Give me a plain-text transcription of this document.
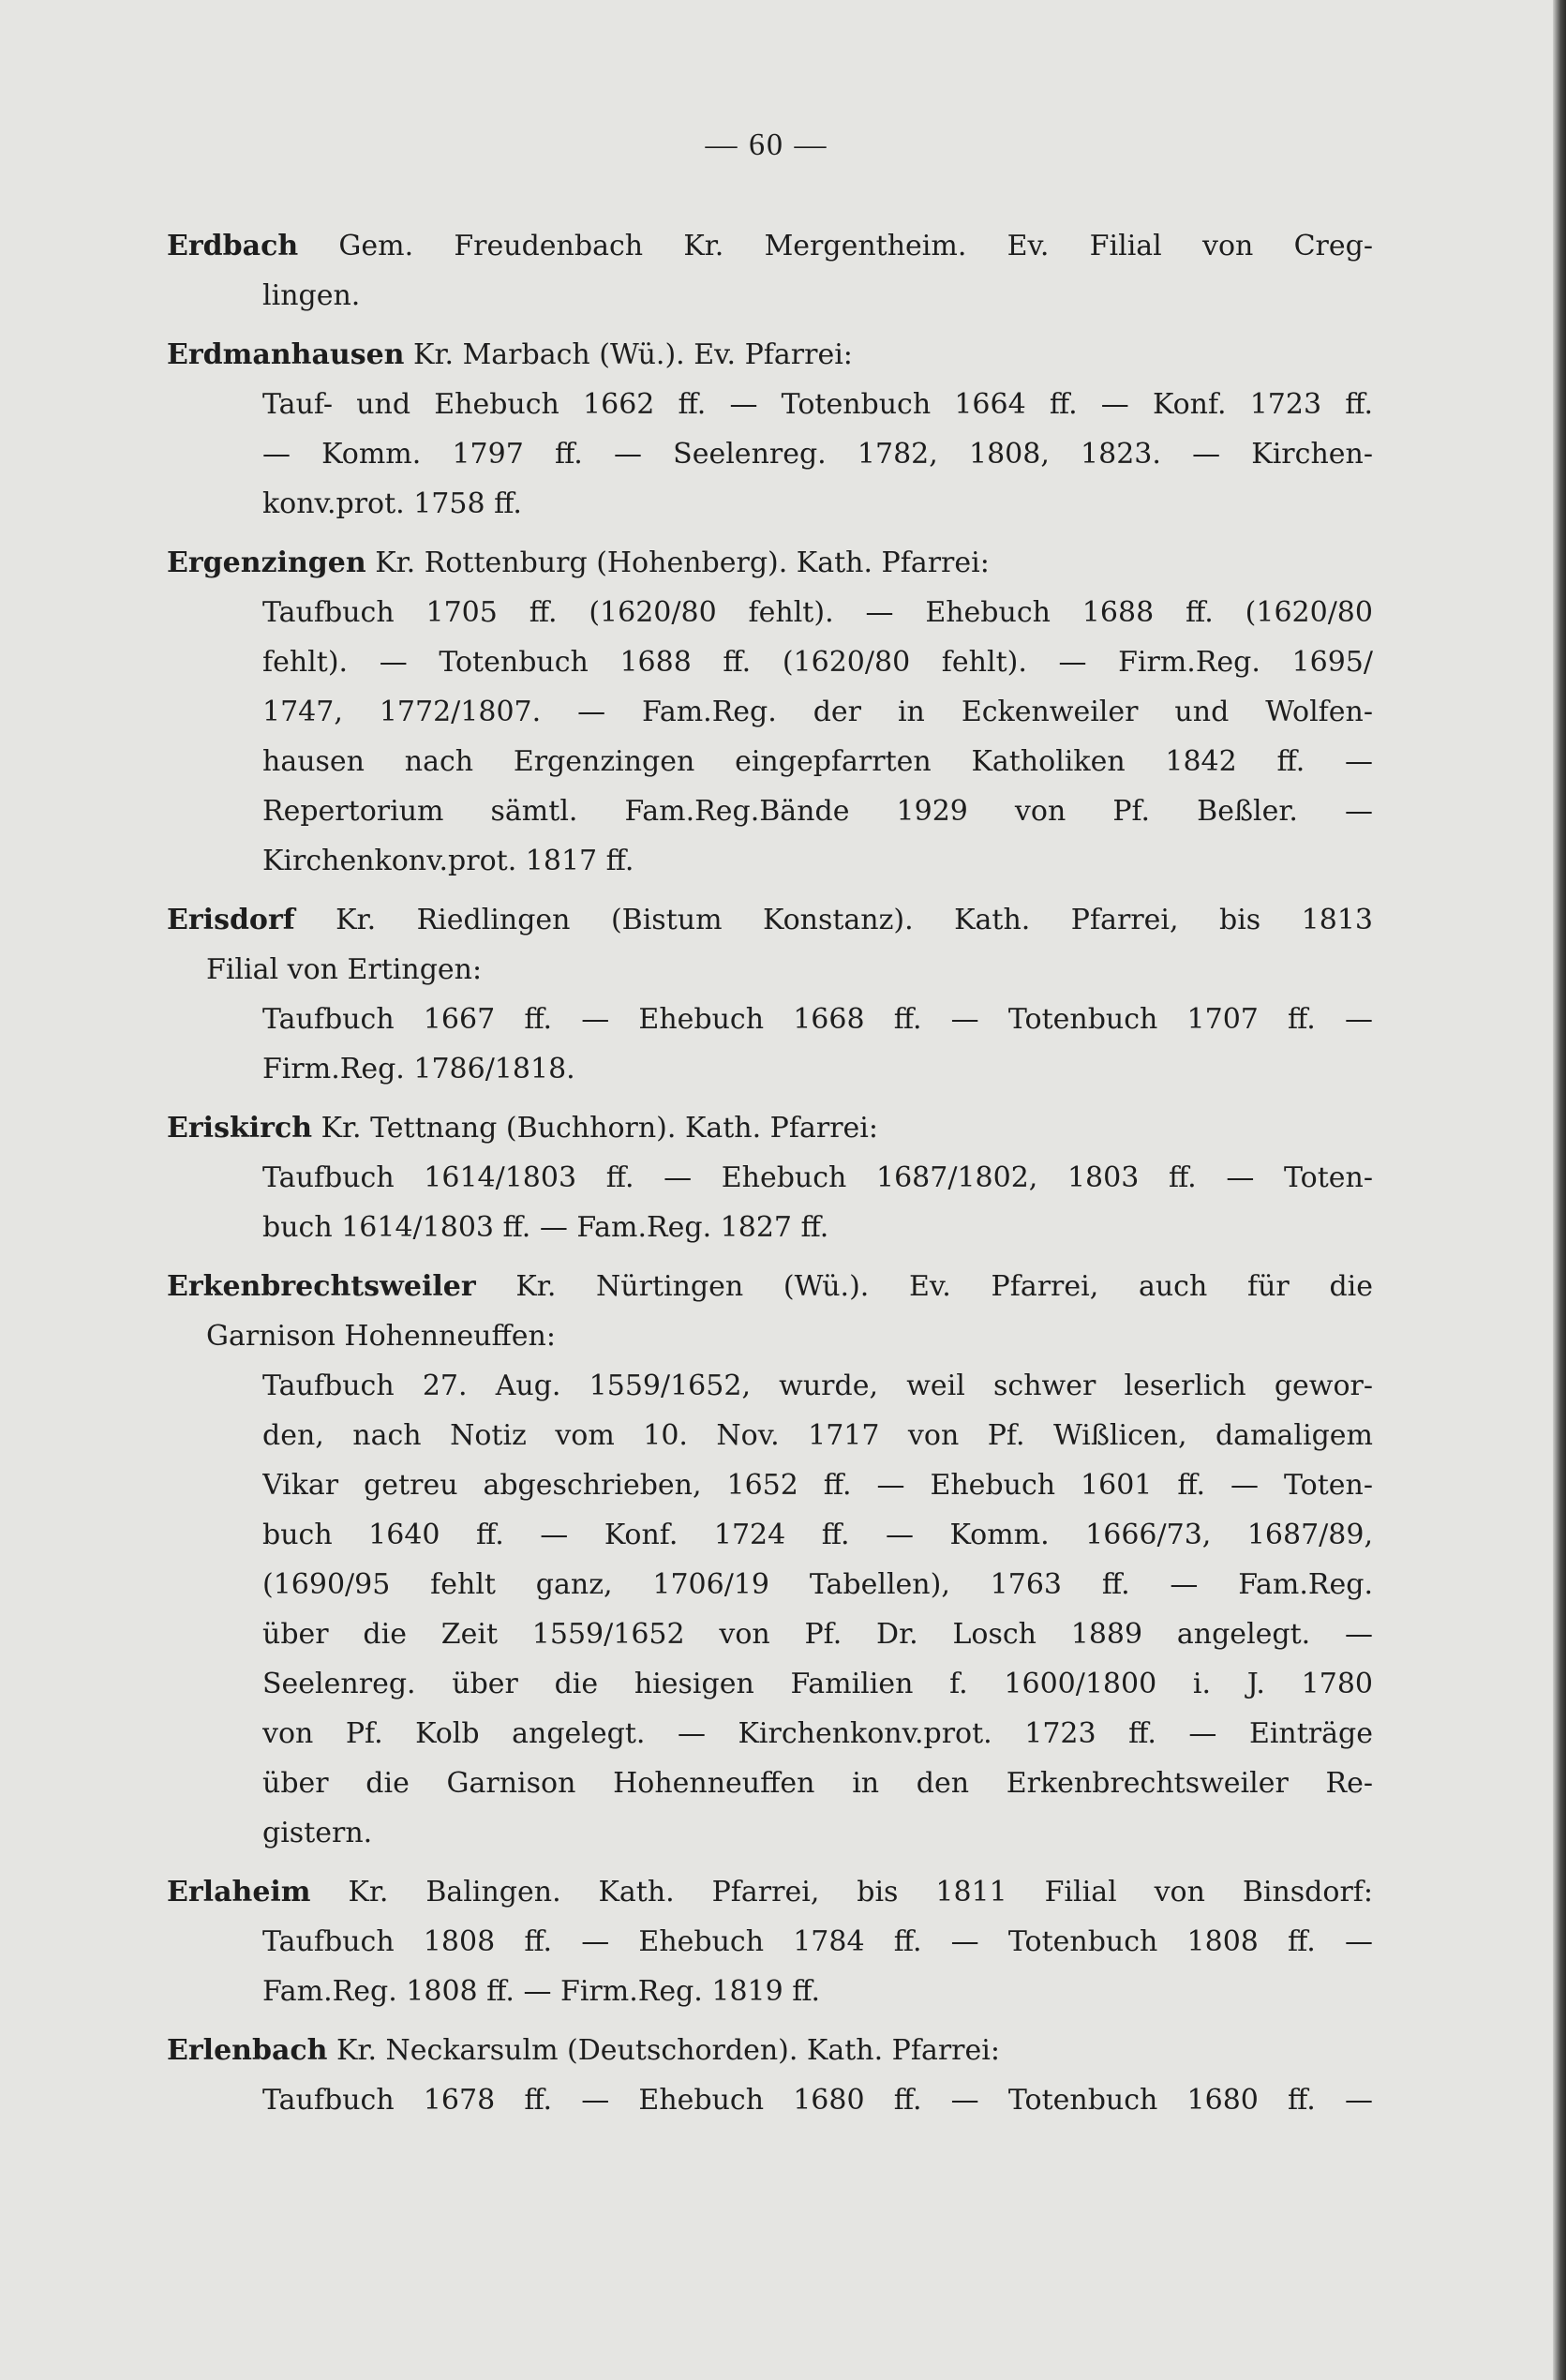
— 60 —
Erdbach Gem. Freudenbach Kr. Mergentheim. Ev. Filial von Creg-
lingen.
Erdmanhausen Kr. Marbach (Wü.). Ev. Pfarrei:
Tauf- und Ehebuch 1662 ff. — Totenbuch 1664 ff. — Konf. 1723 ff.
— Komm. 1797 ff. — Seelenreg. 1782, 1808, 1823. — Kirchen-
konv.prot. 1758 ff.
Ergenzingen Kr. Rottenburg (Hohenberg). Kath. Pfarrei:
Taufbuch 1705 ff. (1620/80 fehlt). — Ehebuch 1688 ff. (1620/80
fehlt). — Totenbuch 1688 ff. (1620/80 fehlt). — Firm.Reg. 1695/
1747, 1772/1807. — Fam.Reg. der in Eckenweiler und Wolfen-
hausen nach Ergenzingen eingepfarrten Katholiken 1842 ff. —
Repertorium sämtl. Fam.Reg.Bände 1929 von Pf. Beßler. —
Kirchenkonv.prot. 1817 ff.
Erisdorf Kr. Riedlingen (Bistum Konstanz). Kath. Pfarrei, bis 1813
Filial von Ertingen:
Taufbuch 1667 ff. — Ehebuch 1668 ff. — Totenbuch 1707 ff. —
Firm.Reg. 1786/1818.
Eriskirch Kr. Tettnang (Buchhorn). Kath. Pfarrei:
Taufbuch 1614/1803 ff. — Ehebuch 1687/1802, 1803 ff. — Toten-
buch 1614/1803 ff. — Fam.Reg. 1827 ff.
Erkenbrechtsweiler Kr. Nürtingen (Wü.). Ev. Pfarrei, auch für die
Garnison Hohenneuffen:
Taufbuch 27. Aug. 1559/1652, wurde, weil schwer leserlich gewor-
den, nach Notiz vom 10. Nov. 1717 von Pf. Wißlicen, damaligem
Vikar getreu abgeschrieben, 1652 ff. — Ehebuch 1601 ff. — Toten-
buch 1640 ff. — Konf. 1724 ff. — Komm. 1666/73, 1687/89,
(1690/95 fehlt ganz, 1706/19 Tabellen), 1763 ff. — Fam.Reg.
über die Zeit 1559/1652 von Pf. Dr. Losch 1889 angelegt. —
Seelenreg. über die hiesigen Familien f. 1600/1800 i. J. 1780
von Pf. Kolb angelegt. — Kirchenkonv.prot. 1723 ff. — Einträge
über die Garnison Hohenneuffen in den Erkenbrechtsweiler Re-
gistern.
Erlaheim Kr. Balingen. Kath. Pfarrei, bis 1811 Filial von Binsdorf:
Taufbuch 1808 ff. — Ehebuch 1784 ff. — Totenbuch 1808 ff. —
Fam.Reg. 1808 ff. — Firm.Reg. 1819 ff.
Erlenbach Kr. Neckarsulm (Deutschorden). Kath. Pfarrei:
Taufbuch 1678 ff. — Ehebuch 1680 ff. — Totenbuch 1680 ff. —
